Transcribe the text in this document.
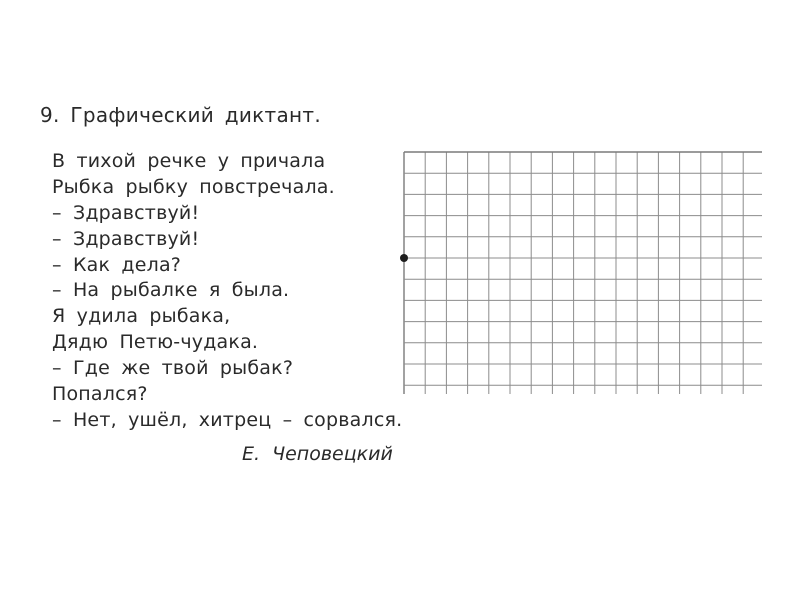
9. Графический диктант.
В тихой речке у причала
Рыбка рыбку повстречала.
– Здравствуй!
– Здравствуй!
– Как дела?
– На рыбалке я была.
Я удила рыбака,
Дядю Петю-чудака.
– Где же твой рыбак?
Попался?
– Нет, ушёл, хитрец – сорвался.
Е. Чеповецкий
